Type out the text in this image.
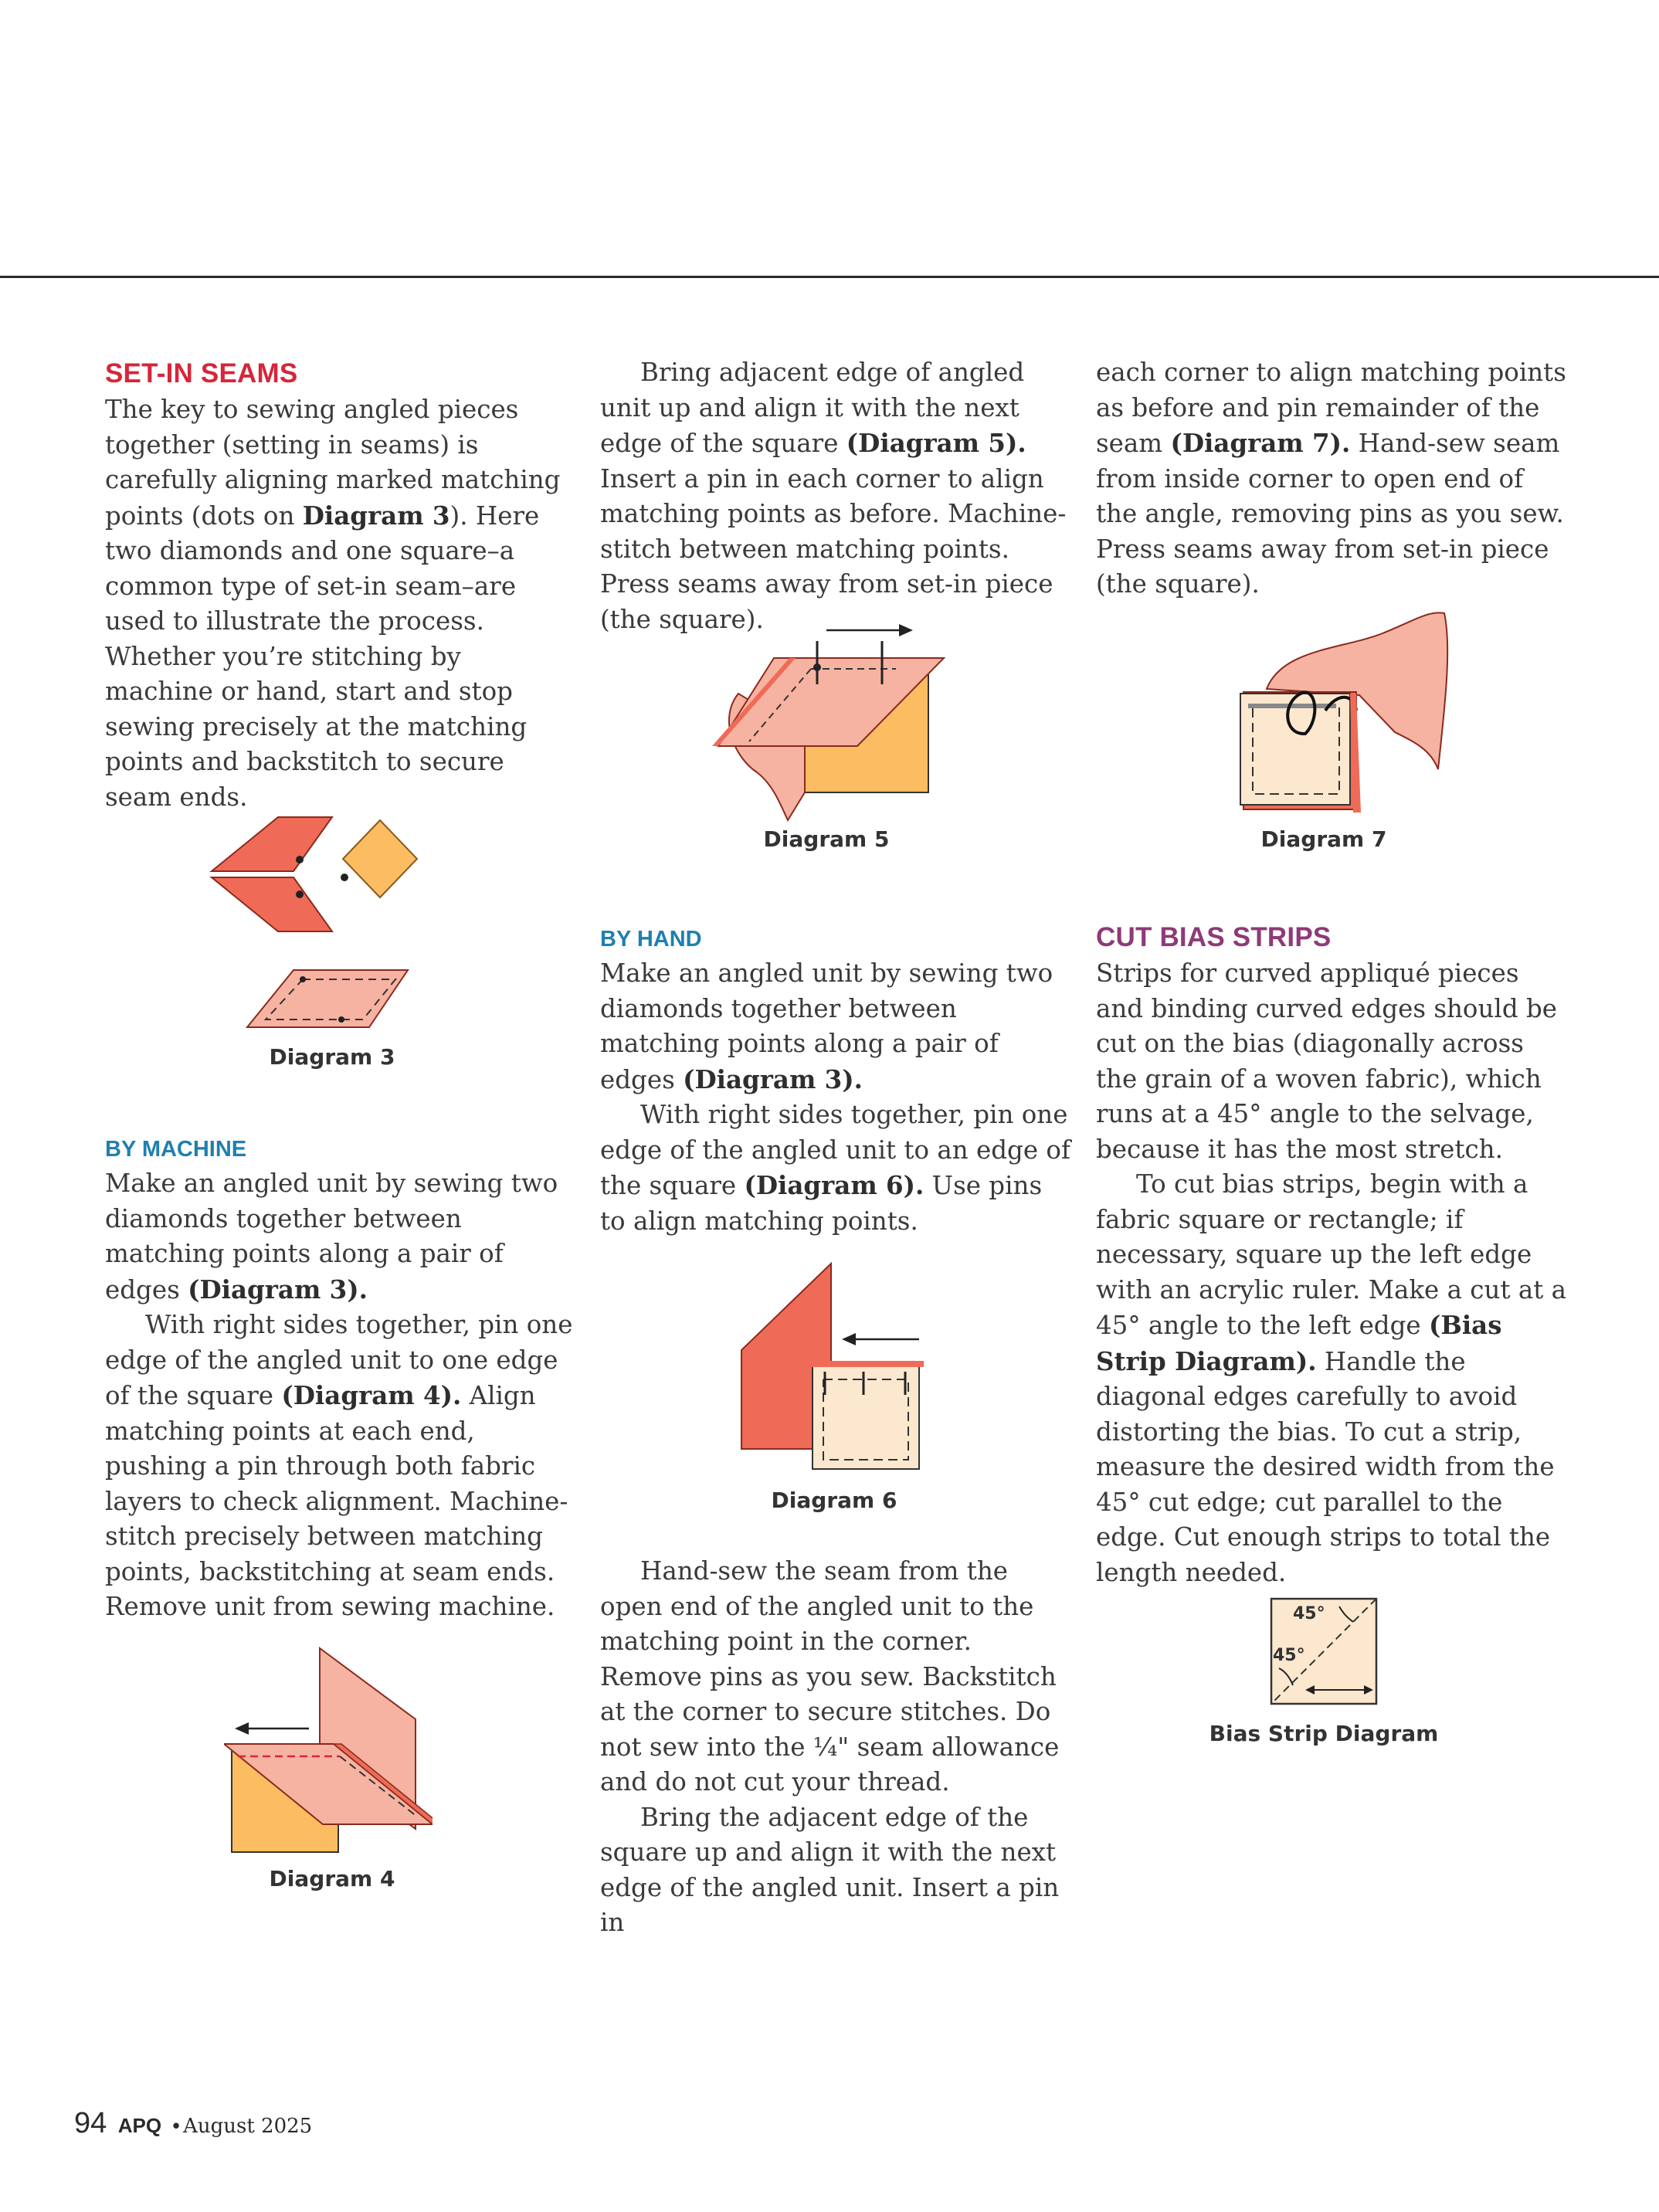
SET-IN SEAMS

The key to sewing angled pieces together (setting in seams) is carefully aligning marked matching points (dots on Diagram 3). Here two diamonds and one square–a common type of set-in seam–are used to illustrate the process. Whether you’re stitching by machine or hand, start and stop sewing precisely at the matching points and backstitch to secure seam ends.

BY MACHINE

Make an angled unit by sewing two diamonds together between matching points along a pair of edges (Diagram 3).

With right sides together, pin one edge of the angled unit to one edge of the square (Diagram 4). Align matching points at each end, pushing a pin through both fabric layers to check alignment. Machine-stitch precisely between matching points, backstitching at seam ends. Remove unit from sewing machine.

Bring adjacent edge of angled unit up and align it with the next edge of the square (Diagram 5). Insert a pin in each corner to align matching points as before. Machine-stitch between matching points. Press seams away from set-in piece (the square).

BY HAND

Make an angled unit by sewing two diamonds together between matching points along a pair of edges (Diagram 3).

With right sides together, pin one edge of the angled unit to an edge of the square (Diagram 6). Use pins to align matching points.

Hand-sew the seam from the open end of the angled unit to the matching point in the corner. Remove pins as you sew. Backstitch at the corner to secure stitches. Do not sew into the ¼" seam allowance and do not cut your thread.

Bring the adjacent edge of the square up and align it with the next edge of the angled unit. Insert a pin in

each corner to align matching points as before and pin remainder of the seam (Diagram 7). Hand-sew seam from inside corner to open end of the angle, removing pins as you sew. Press seams away from set-in piece (the square).

CUT BIAS STRIPS

Strips for curved appliqué pieces and binding curved edges should be cut on the bias (diagonally across the grain of a woven fabric), which runs at a 45° angle to the selvage, because it has the most stretch.

To cut bias strips, begin with a fabric square or rectangle; if necessary, square up the left edge with an acrylic ruler. Make a cut at a 45° angle to the left edge (Bias Strip Diagram). Handle the diagonal edges carefully to avoid distorting the bias. To cut a strip, measure the desired width from the 45° cut edge; cut parallel to the edge. Cut enough strips to total the length needed.

Diagram 3
Diagram 4
Diagram 5
Diagram 6
Diagram 7
45°
45°
Bias Strip Diagram
94 APQ • August 2025
